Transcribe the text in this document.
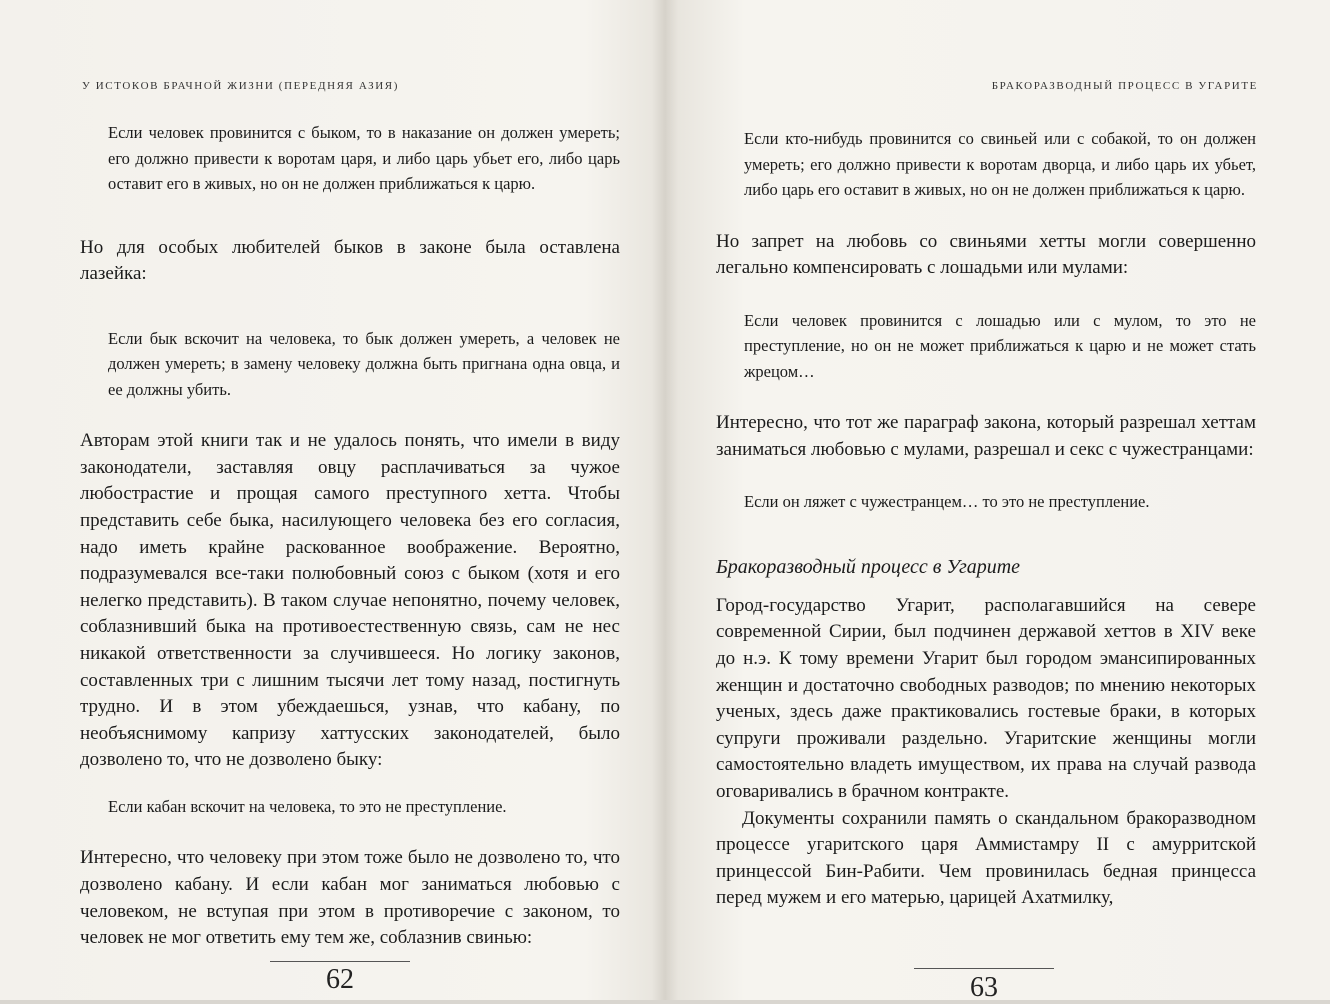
У ИСТОКОВ БРАЧНОЙ ЖИЗНИ (ПЕРЕДНЯЯ АЗИЯ)

Если человек провинится с быком, то в наказание он должен умереть; его должно привести к воротам царя, и либо царь убьет его, либо царь оставит его в живых, но он не должен приближаться к царю.

Но для особых любителей быков в законе была оставлена лазейка:

Если бык вскочит на человека, то бык должен умереть, а человек не должен умереть; в замену человеку должна быть пригнана одна овца, и ее должны убить.

Авторам этой книги так и не удалось понять, что имели в виду законодатели, заставляя овцу расплачиваться за чужое любострастие и прощая самого преступного хетта. Чтобы представить себе быка, насилующего человека без его согласия, надо иметь крайне раскованное воображение. Вероятно, подразумевался все-таки полюбовный союз с быком (хотя и его нелегко представить). В таком случае непонятно, почему человек, соблазнивший быка на противоестественную связь, сам не нес никакой ответственности за случившееся. Но логику законов, составленных три с лишним тысячи лет тому назад, постигнуть трудно. И в этом убеждаешься, узнав, что кабану, по необъяснимому капризу хаттусских законодателей, было дозволено то, что не дозволено быку:

Если кабан вскочит на человека, то это не преступление.

Интересно, что человеку при этом тоже было не дозволено то, что дозволено кабану. И если кабан мог заниматься любовью с человеком, не вступая при этом в противоречие с законом, то человек не мог ответить ему тем же, соблазнив свинью:

62
БРАКОРАЗВОДНЫЙ ПРОЦЕСС В УГАРИТЕ

Если кто-нибудь провинится со свиньей или с собакой, то он должен умереть; его должно привести к воротам дворца, и либо царь их убьет, либо царь его оставит в живых, но он не должен приближаться к царю.

Но запрет на любовь со свиньями хетты могли совершенно легально компенсировать с лошадьми или мулами:

Если человек провинится с лошадью или с мулом, то это не преступление, но он не может приближаться к царю и не может стать жрецом…

Интересно, что тот же параграф закона, который разрешал хеттам заниматься любовью с мулами, разрешал и секс с чужестранцами:

Если он ляжет с чужестранцем… то это не преступление.

Бракоразводный процесс в Угарите

Город-государство Угарит, располагавшийся на севере современной Сирии, был подчинен державой хеттов в XIV веке до н.э. К тому времени Угарит был городом эмансипированных женщин и достаточно свободных разводов; по мнению некоторых ученых, здесь даже практиковались гостевые браки, в которых супруги проживали раздельно. Угаритские женщины могли самостоятельно владеть имуществом, их права на случай развода оговаривались в брачном контракте.

Документы сохранили память о скандальном бракоразводном процессе угаритского царя Аммистамру II с амурритской принцессой Бин-Рабити. Чем провинилась бедная принцесса перед мужем и его матерью, царицей Ахатмилку,

63
